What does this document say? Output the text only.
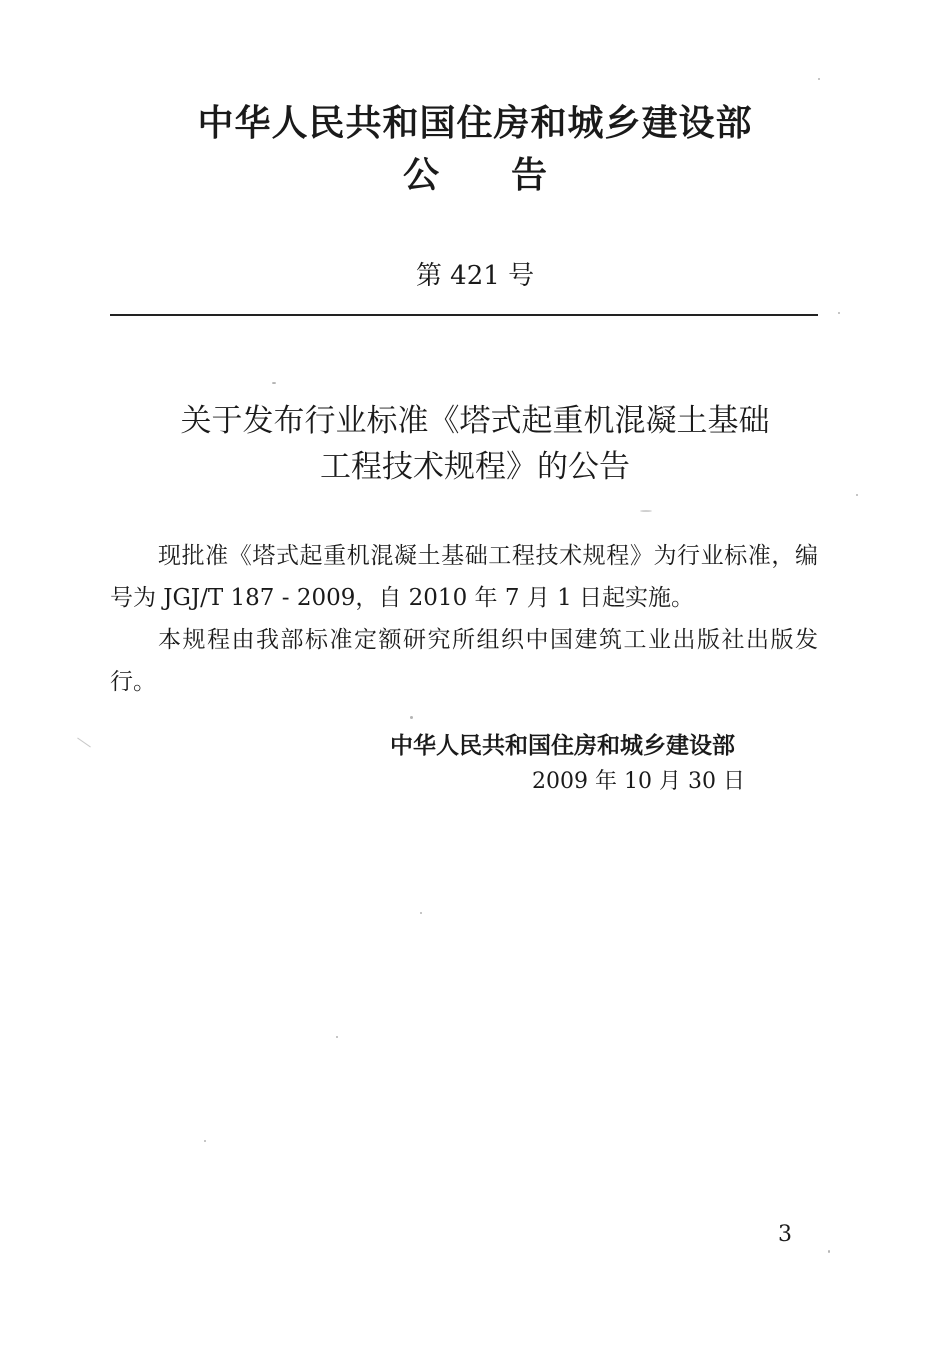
中华人民共和国住房和城乡建设部
公告
第 421 号
关于发布行业标准《塔式起重机混凝土基础
工程技术规程》的公告

现批准《塔式起重机混凝土基础工程技术规程》为行业标准，编号为 JGJ/T 187 - 2009，自 2010 年 7 月 1 日起实施。

本规程由我部标准定额研究所组织中国建筑工业出版社出版发行。

中华人民共和国住房和城乡建设部
2009 年 10 月 30 日
3
